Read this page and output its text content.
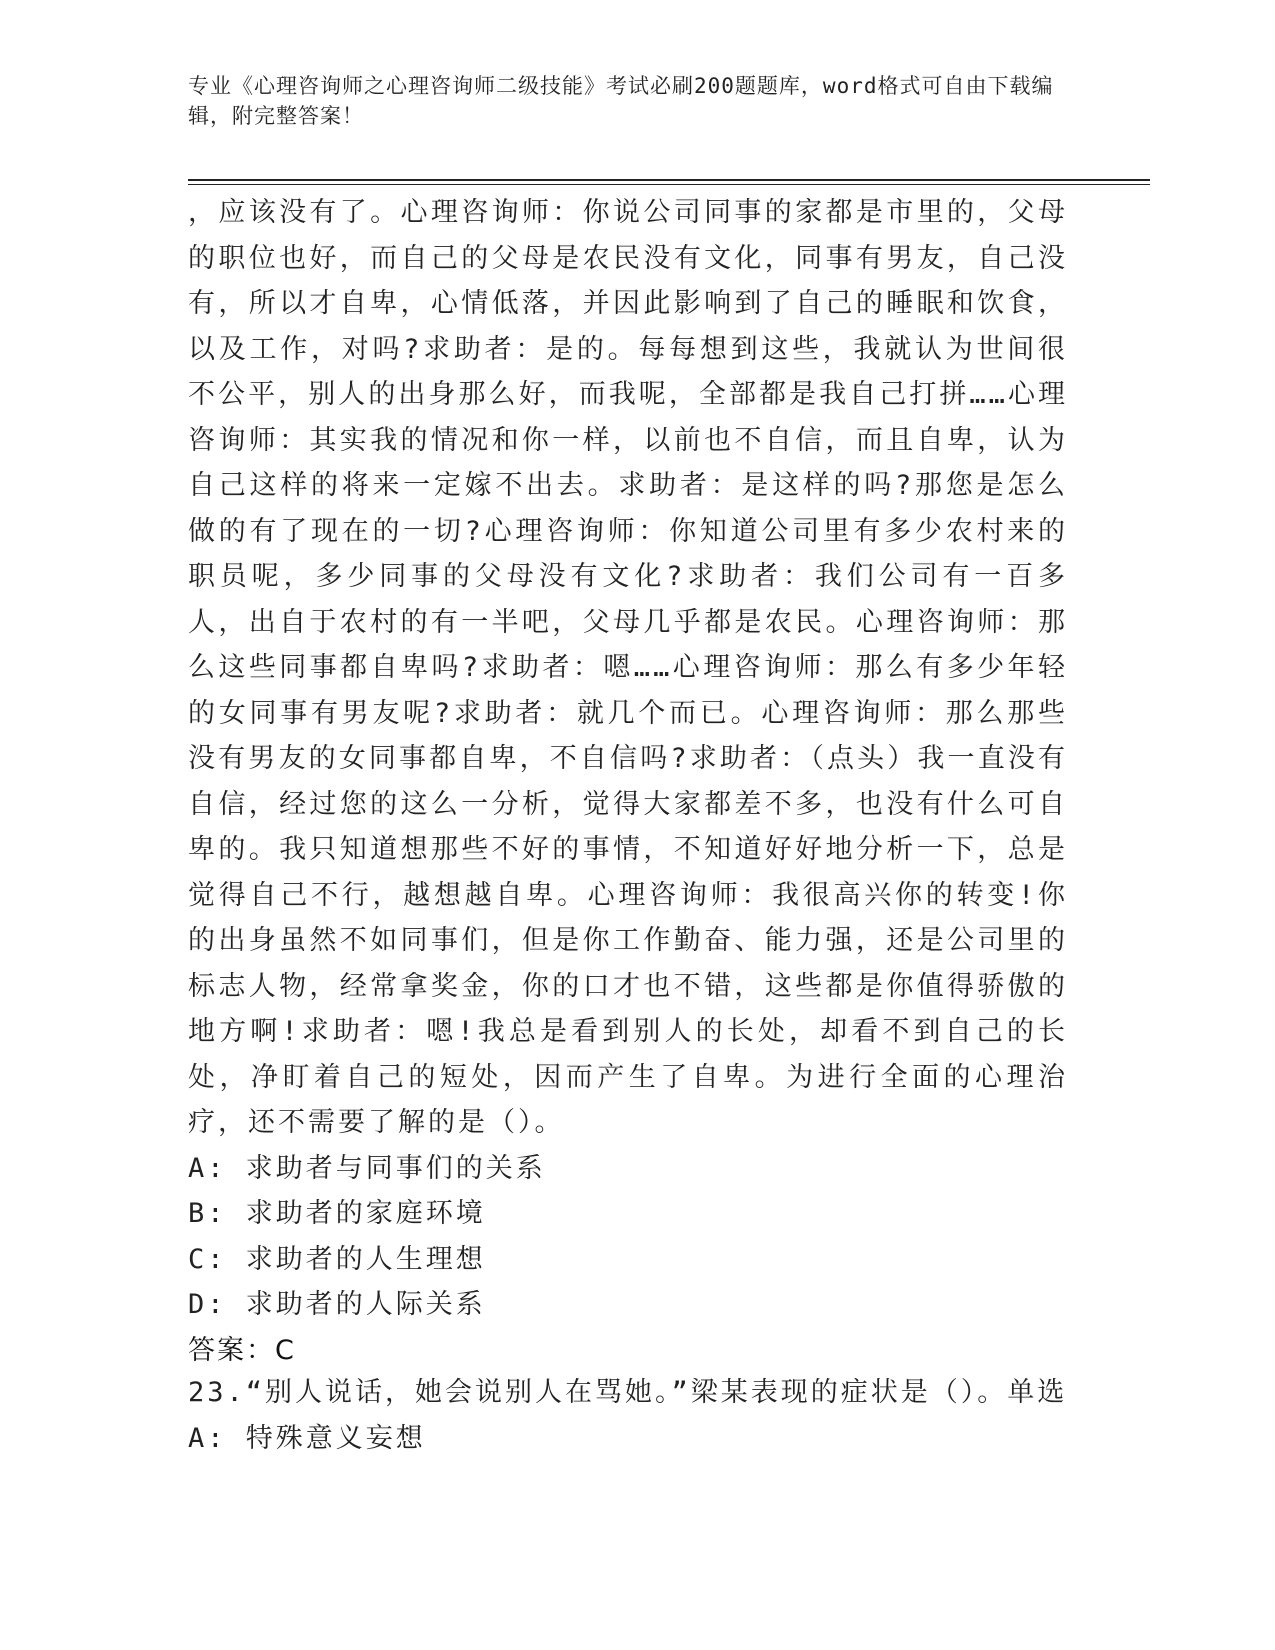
专业《心理咨询师之心理咨询师二级技能》考试必刷200题题库，word格式可自由下载编辑，附完整答案！

，应该没有了。心理咨询师：你说公司同事的家都是市里的，父母的职位也好，而自己的父母是农民没有文化，同事有男友，自己没有，所以才自卑，心情低落，并因此影响到了自己的睡眠和饮食，以及工作，对吗?求助者：是的。每每想到这些，我就认为世间很不公平，别人的出身那么好，而我呢，全部都是我自己打拼……心理咨询师：其实我的情况和你一样，以前也不自信，而且自卑，认为自己这样的将来一定嫁不出去。求助者：是这样的吗?那您是怎么做的有了现在的一切?心理咨询师：你知道公司里有多少农村来的职员呢，多少同事的父母没有文化?求助者：我们公司有一百多人，出自于农村的有一半吧，父母几乎都是农民。心理咨询师：那么这些同事都自卑吗?求助者：嗯……心理咨询师：那么有多少年轻的女同事有男友呢?求助者：就几个而已。心理咨询师：那么那些没有男友的女同事都自卑，不自信吗?求助者：（点头）我一直没有自信，经过您的这么一分析，觉得大家都差不多，也没有什么可自卑的。我只知道想那些不好的事情，不知道好好地分析一下，总是觉得自己不行，越想越自卑。心理咨询师：我很高兴你的转变!你的出身虽然不如同事们，但是你工作勤奋、能力强，还是公司里的标志人物，经常拿奖金，你的口才也不错，这些都是你值得骄傲的地方啊!求助者：嗯!我总是看到别人的长处，却看不到自己的长处，净盯着自己的短处，因而产生了自卑。为进行全面的心理治疗，还不需要了解的是（）。

A: 求助者与同事们的关系

B: 求助者的家庭环境

C: 求助者的人生理想

D: 求助者的人际关系

答案：C

23.“别人说话，她会说别人在骂她。”梁某表现的症状是（）。单选

A: 特殊意义妄想
